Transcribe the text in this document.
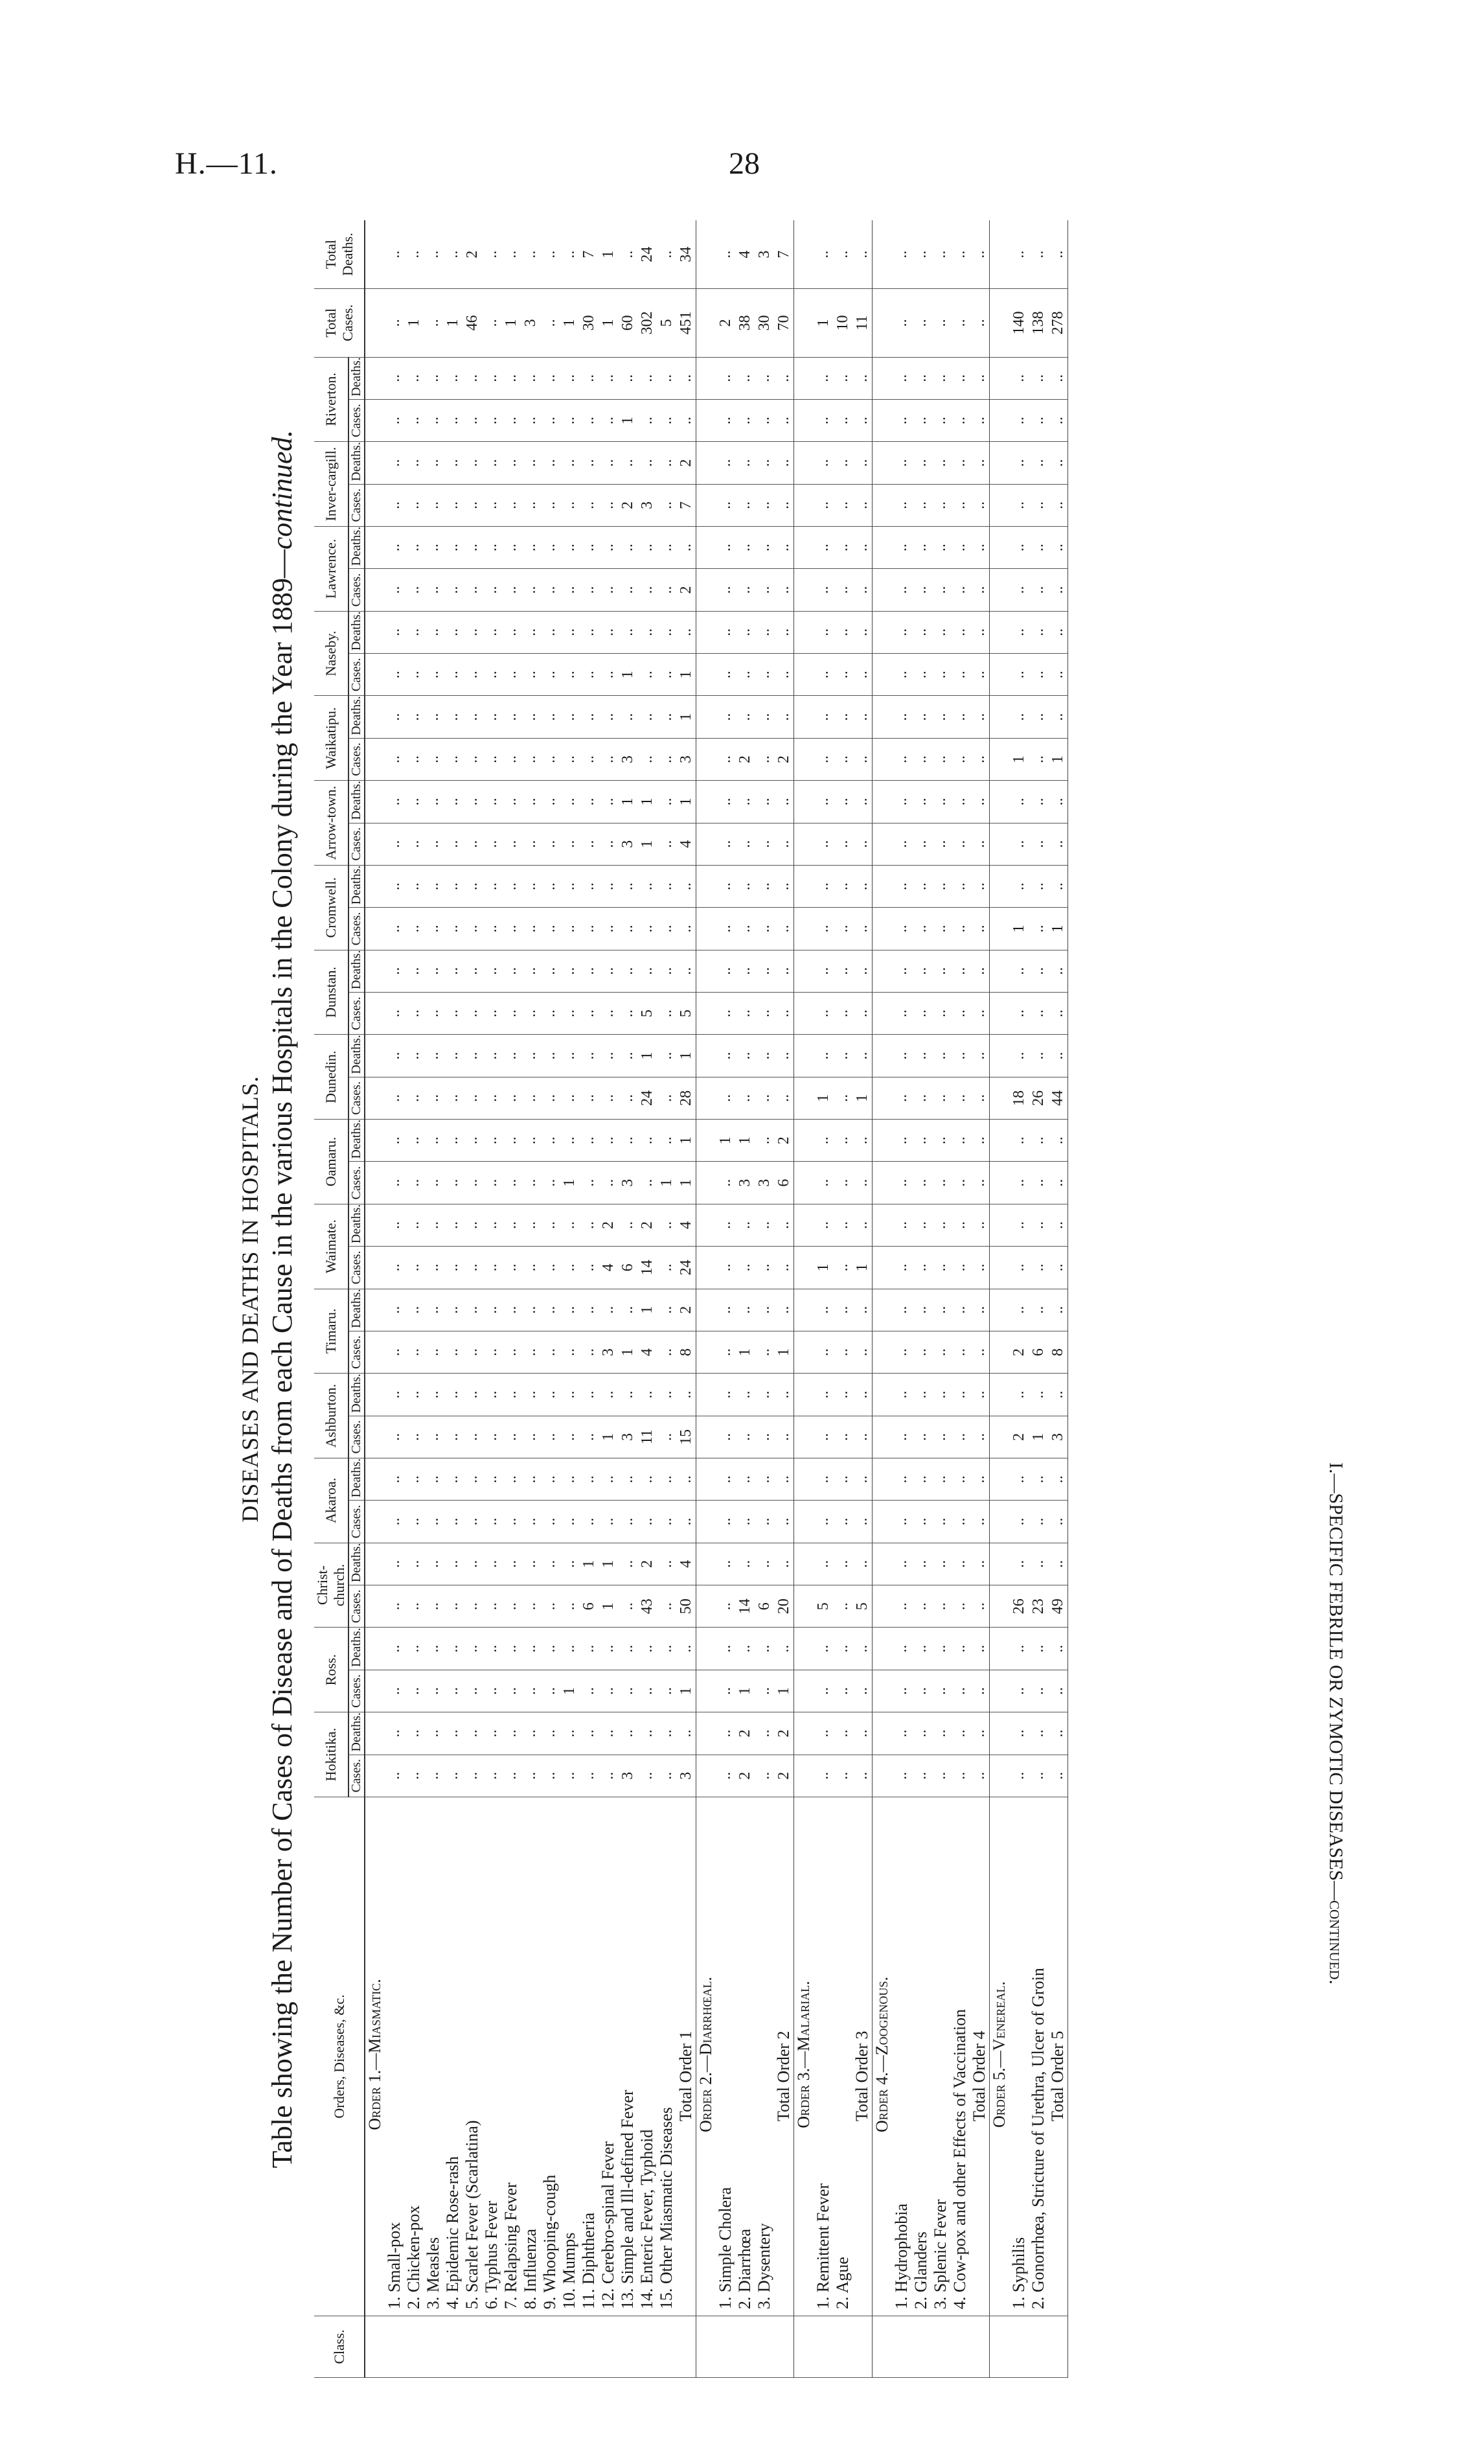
H.—11.	28
DISEASES AND DEATHS IN HOSPITALS. Table showing the Number of Cases of Disease and of Deaths from each Cause in the various Hospitals in the Colony during the Year 1889—continued.
Class.	Orders, Diseases, &c.	Hokitika.		Ross.		Christ-church.		Akaroa.		Ashburton.		Timaru.		Waimate.		Oamaru.		Dunedin.		Dunstan.		Cromwell.		Arrow-town.		Waikatipu.		Naseby.		Lawrence.		Inver-cargill.		Riverton.		Total Cases.	Total Deaths.
		Cases.	Deaths.	Cases.	Deaths.	Cases.	Deaths.	Cases.	Deaths.	Cases.	Deaths.	Cases.	Deaths.	Cases.	Deaths.	Cases.	Deaths.	Cases.	Deaths.	Cases.	Deaths.	Cases.	Deaths.	Cases.	Deaths.	Cases.	Deaths.	Cases.	Deaths.	Cases.	Deaths.	Cases.	Deaths.	Cases.	Deaths.		
	Order 1.—Miasmatic.																																				
	1. Small-pox	..	..	..	..	..	..	..	..	..	..	..	..	..	..	..	..	..	..	..	..	..	..	..	..	..	..	..	..	..	..	..	..	..	..	..	..
	2. Chicken-pox	..	..	..	..	..	..	..	..	..	..	..	..	..	..	..	..	..	..	..	..	..	..	..	..	..	..	..	..	..	..	..	..	..	..	1	..
	3. Measles	..	..	..	..	..	..	..	..	..	..	..	..	..	..	..	..	..	..	..	..	..	..	..	..	..	..	..	..	..	..	..	..	..	..	..	..
	4. Epidemic Rose-rash	..	..	..	..	..	..	..	..	..	..	..	..	..	..	..	..	..	..	..	..	..	..	..	..	..	..	..	..	..	..	..	..	..	..	1	..
	5. Scarlet Fever (Scarlatina)	..	..	..	..	..	..	..	..	..	..	..	..	..	..	..	..	..	..	..	..	..	..	..	..	..	..	..	..	..	..	..	..	..	..	46	2
	6. Typhus Fever	..	..	..	..	..	..	..	..	..	..	..	..	..	..	..	..	..	..	..	..	..	..	..	..	..	..	..	..	..	..	..	..	..	..	..	..
	7. Relapsing Fever	..	..	..	..	..	..	..	..	..	..	..	..	..	..	..	..	..	..	..	..	..	..	..	..	..	..	..	..	..	..	..	..	..	..	1	..
	8. Influenza	..	..	..	..	..	..	..	..	..	..	..	..	..	..	..	..	..	..	..	..	..	..	..	..	..	..	..	..	..	..	..	..	..	..	3	..
	9. Whooping-cough	..	..	..	..	..	..	..	..	..	..	..	..	..	..	..	..	..	..	..	..	..	..	..	..	..	..	..	..	..	..	..	..	..	..	..	..
	10. Mumps	..	..	1	..	..	..	..	..	..	..	..	..	..	..	1	..	..	..	..	..	..	..	..	..	..	..	..	..	..	..	..	..	..	..	1	..
	11. Diphtheria	..	..	..	..	6	1	..	..	..	..	..	..	..	..	..	..	..	..	..	..	..	..	..	..	..	..	..	..	..	..	..	..	..	..	30	7
	12. Cerebro-spinal Fever	..	..	..	..	1	1	..	..	1	..	3	..	4	2	..	..	..	..	..	..	..	..	..	..	..	..	..	..	..	..	..	..	..	..	1	1
	13. Simple and Ill-defined Fever	3	..	..	..	..	..	..	..	3	..	1	..	6	..	3	..	..	..	..	..	..	..	3	1	3	..	1	..	..	..	2	..	1	..	60	..
	14. Enteric Fever, Typhoid	..	..	..	..	43	2	..	..	11	..	4	1	14	2	..	..	24	1	5	..	..	..	1	1	..	..	..	..	..	..	3	..	..	..	302	24
	15. Other Miasmatic Diseases	..	..	..	..	..	..	..	..	..	..	..	..	..	..	1	..	..	..	..	..	..	..	..	..	..	..	..	..	..	..	..	..	..	..	5	..
	Total Order 1	3	..	1	..	50	4	..	..	15	..	8	2	24	4	1	1	28	1	5	..	..	..	4	1	3	1	1	..	2	..	7	2	..	..	451	34
	Order 2.—Diarrhœal.																																				
	1. Simple Cholera	..	..	..	..	..	..	..	..	..	..	..	..	..	..	..	1	..	..	..	..	..	..	..	..	..	..	..	..	..	..	..	..	..	..	2	..
	2. Diarrhœa	2	2	1	..	14	..	..	..	..	..	1	..	..	..	3	1	..	..	..	..	..	..	..	..	2	..	..	..	..	..	..	..	..	..	38	4
	3. Dysentery	..	..	..	..	6	..	..	..	..	..	..	..	..	..	3	..	..	..	..	..	..	..	..	..	..	..	..	..	..	..	..	..	..	..	30	3
	Total Order 2	2	2	1	..	20	..	..	..	..	..	1	..	..	..	6	2	..	..	..	..	..	..	..	..	2	..	..	..	..	..	..	..	..	..	70	7
	Order 3.—Malarial.																																				
	1. Remittent Fever	..	..	..	..	5	..	..	..	..	..	..	..	1	..	..	..	1	..	..	..	..	..	..	..	..	..	..	..	..	..	..	..	..	..	1	..
	2. Ague	..	..	..	..	..	..	..	..	..	..	..	..	..	..	..	..	..	..	..	..	..	..	..	..	..	..	..	..	..	..	..	..	..	..	10	..
	Total Order 3	..	..	..	..	5	..	..	..	..	..	..	..	1	..	..	..	1	..	..	..	..	..	..	..	..	..	..	..	..	..	..	..	..	..	11	..
	Order 4.—Zoogenous.																																				
	1. Hydrophobia	..	..	..	..	..	..	..	..	..	..	..	..	..	..	..	..	..	..	..	..	..	..	..	..	..	..	..	..	..	..	..	..	..	..	..	..
	2. Glanders	..	..	..	..	..	..	..	..	..	..	..	..	..	..	..	..	..	..	..	..	..	..	..	..	..	..	..	..	..	..	..	..	..	..	..	..
	3. Splenic Fever	..	..	..	..	..	..	..	..	..	..	..	..	..	..	..	..	..	..	..	..	..	..	..	..	..	..	..	..	..	..	..	..	..	..	..	..
	4. Cow-pox and other Effects of Vaccination	..	..	..	..	..	..	..	..	..	..	..	..	..	..	..	..	..	..	..	..	..	..	..	..	..	..	..	..	..	..	..	..	..	..	..	..
	Total Order 4	..	..	..	..	..	..	..	..	..	..	..	..	..	..	..	..	..	..	..	..	..	..	..	..	..	..	..	..	..	..	..	..	..	..	..	..
	Order 5.—Venereal.																																				
	1. Syphilis	..	..	..	..	26	..	..	..	2	..	2	..	..	..	..	..	18	..	..	..	1	..	..	..	1	..	..	..	..	..	..	..	..	..	140	..
	2. Gonorrhœa, Stricture of Urethra, Ulcer of Groin	..	..	..	..	23	..	..	..	1	..	6	..	..	..	..	..	26	..	..	..	..	..	..	..	..	..	..	..	..	..	..	..	..	..	138	..
	Total Order 5	..	..	..	..	49	..	..	..	3	..	8	..	..	..	..	..	44	..	..	..	1	..	..	..	1	..	..	..	..	..	..	..	..	..	278	..
I.—SPECIFIC FEBRILE OR ZYMOTIC DISEASES—continued.
